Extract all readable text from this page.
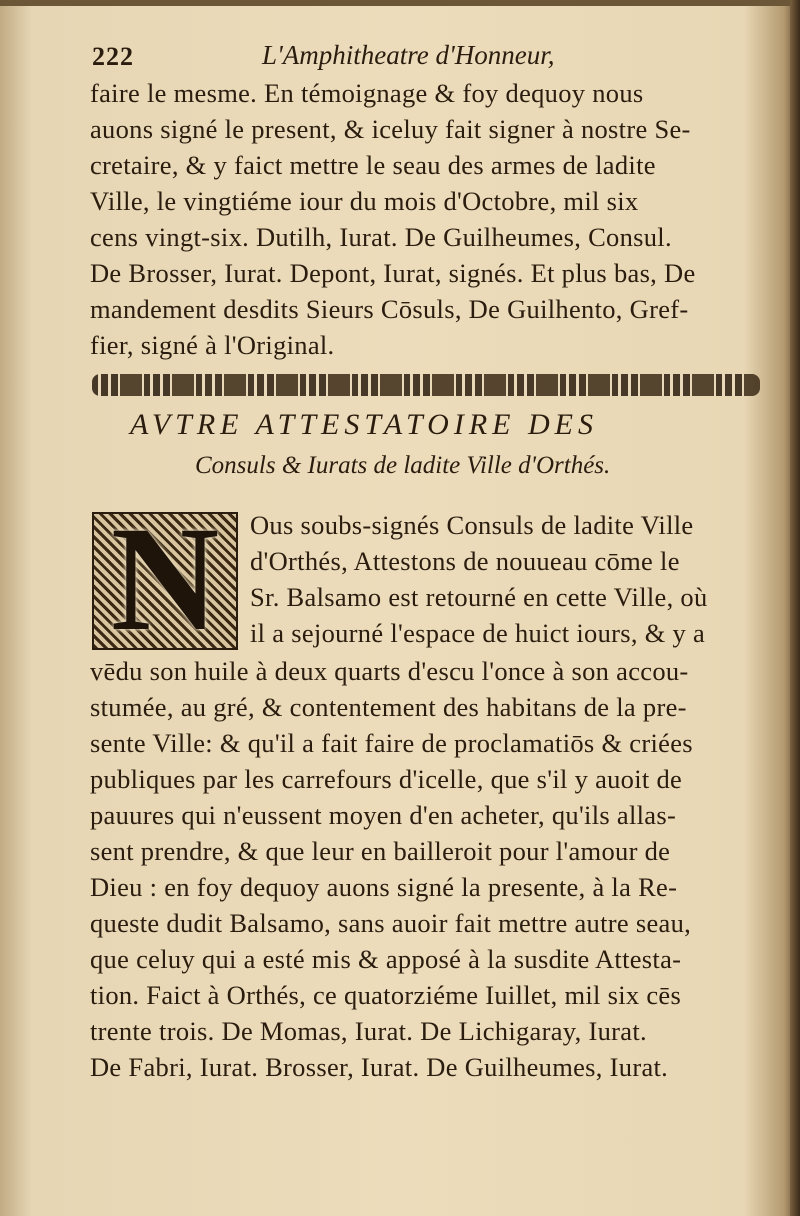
222	L'Amphitheatre d'Honneur,
faire le mesme. En témoignage & foy dequoy nous
auons signé le present, & iceluy fait signer à nostre Se-
cretaire, & y faict mettre le seau des armes de ladite
Ville, le vingtiéme iour du mois d'Octobre, mil six
cens vingt-six. Dutilh, Iurat. De Guilheumes, Consul.
De Brosser, Iurat. Depont, Iurat, signés. Et plus bas, De
mandement desdits Sieurs Cōsuls, De Guilhento, Gref-
fier, signé à l'Original.
AVTRE ATTESTATOIRE DES
Consuls & Iurats de ladite Ville d'Orthés.
N	Ous soubs-signés Consuls de ladite Ville
d'Orthés, Attestons de nouueau cōme le
Sr. Balsamo est retourné en cette Ville, où
il a sejourné l'espace de huict iours, & y a
vēdu son huile à deux quarts d'escu l'once à son accou-
stumée, au gré, & contentement des habitans de la pre-
sente Ville: & qu'il a fait faire de proclamatiōs & criées
publiques par les carrefours d'icelle, que s'il y auoit de
pauures qui n'eussent moyen d'en acheter, qu'ils allas-
sent prendre, & que leur en bailleroit pour l'amour de
Dieu : en foy dequoy auons signé la presente, à la Re-
queste dudit Balsamo, sans auoir fait mettre autre seau,
que celuy qui a esté mis & apposé à la susdite Attesta-
tion. Faict à Orthés, ce quatorziéme Iuillet, mil six cēs
trente trois. De Momas, Iurat. De Lichigaray, Iurat.
De Fabri, Iurat. Brosser, Iurat. De Guilheumes, Iurat.
